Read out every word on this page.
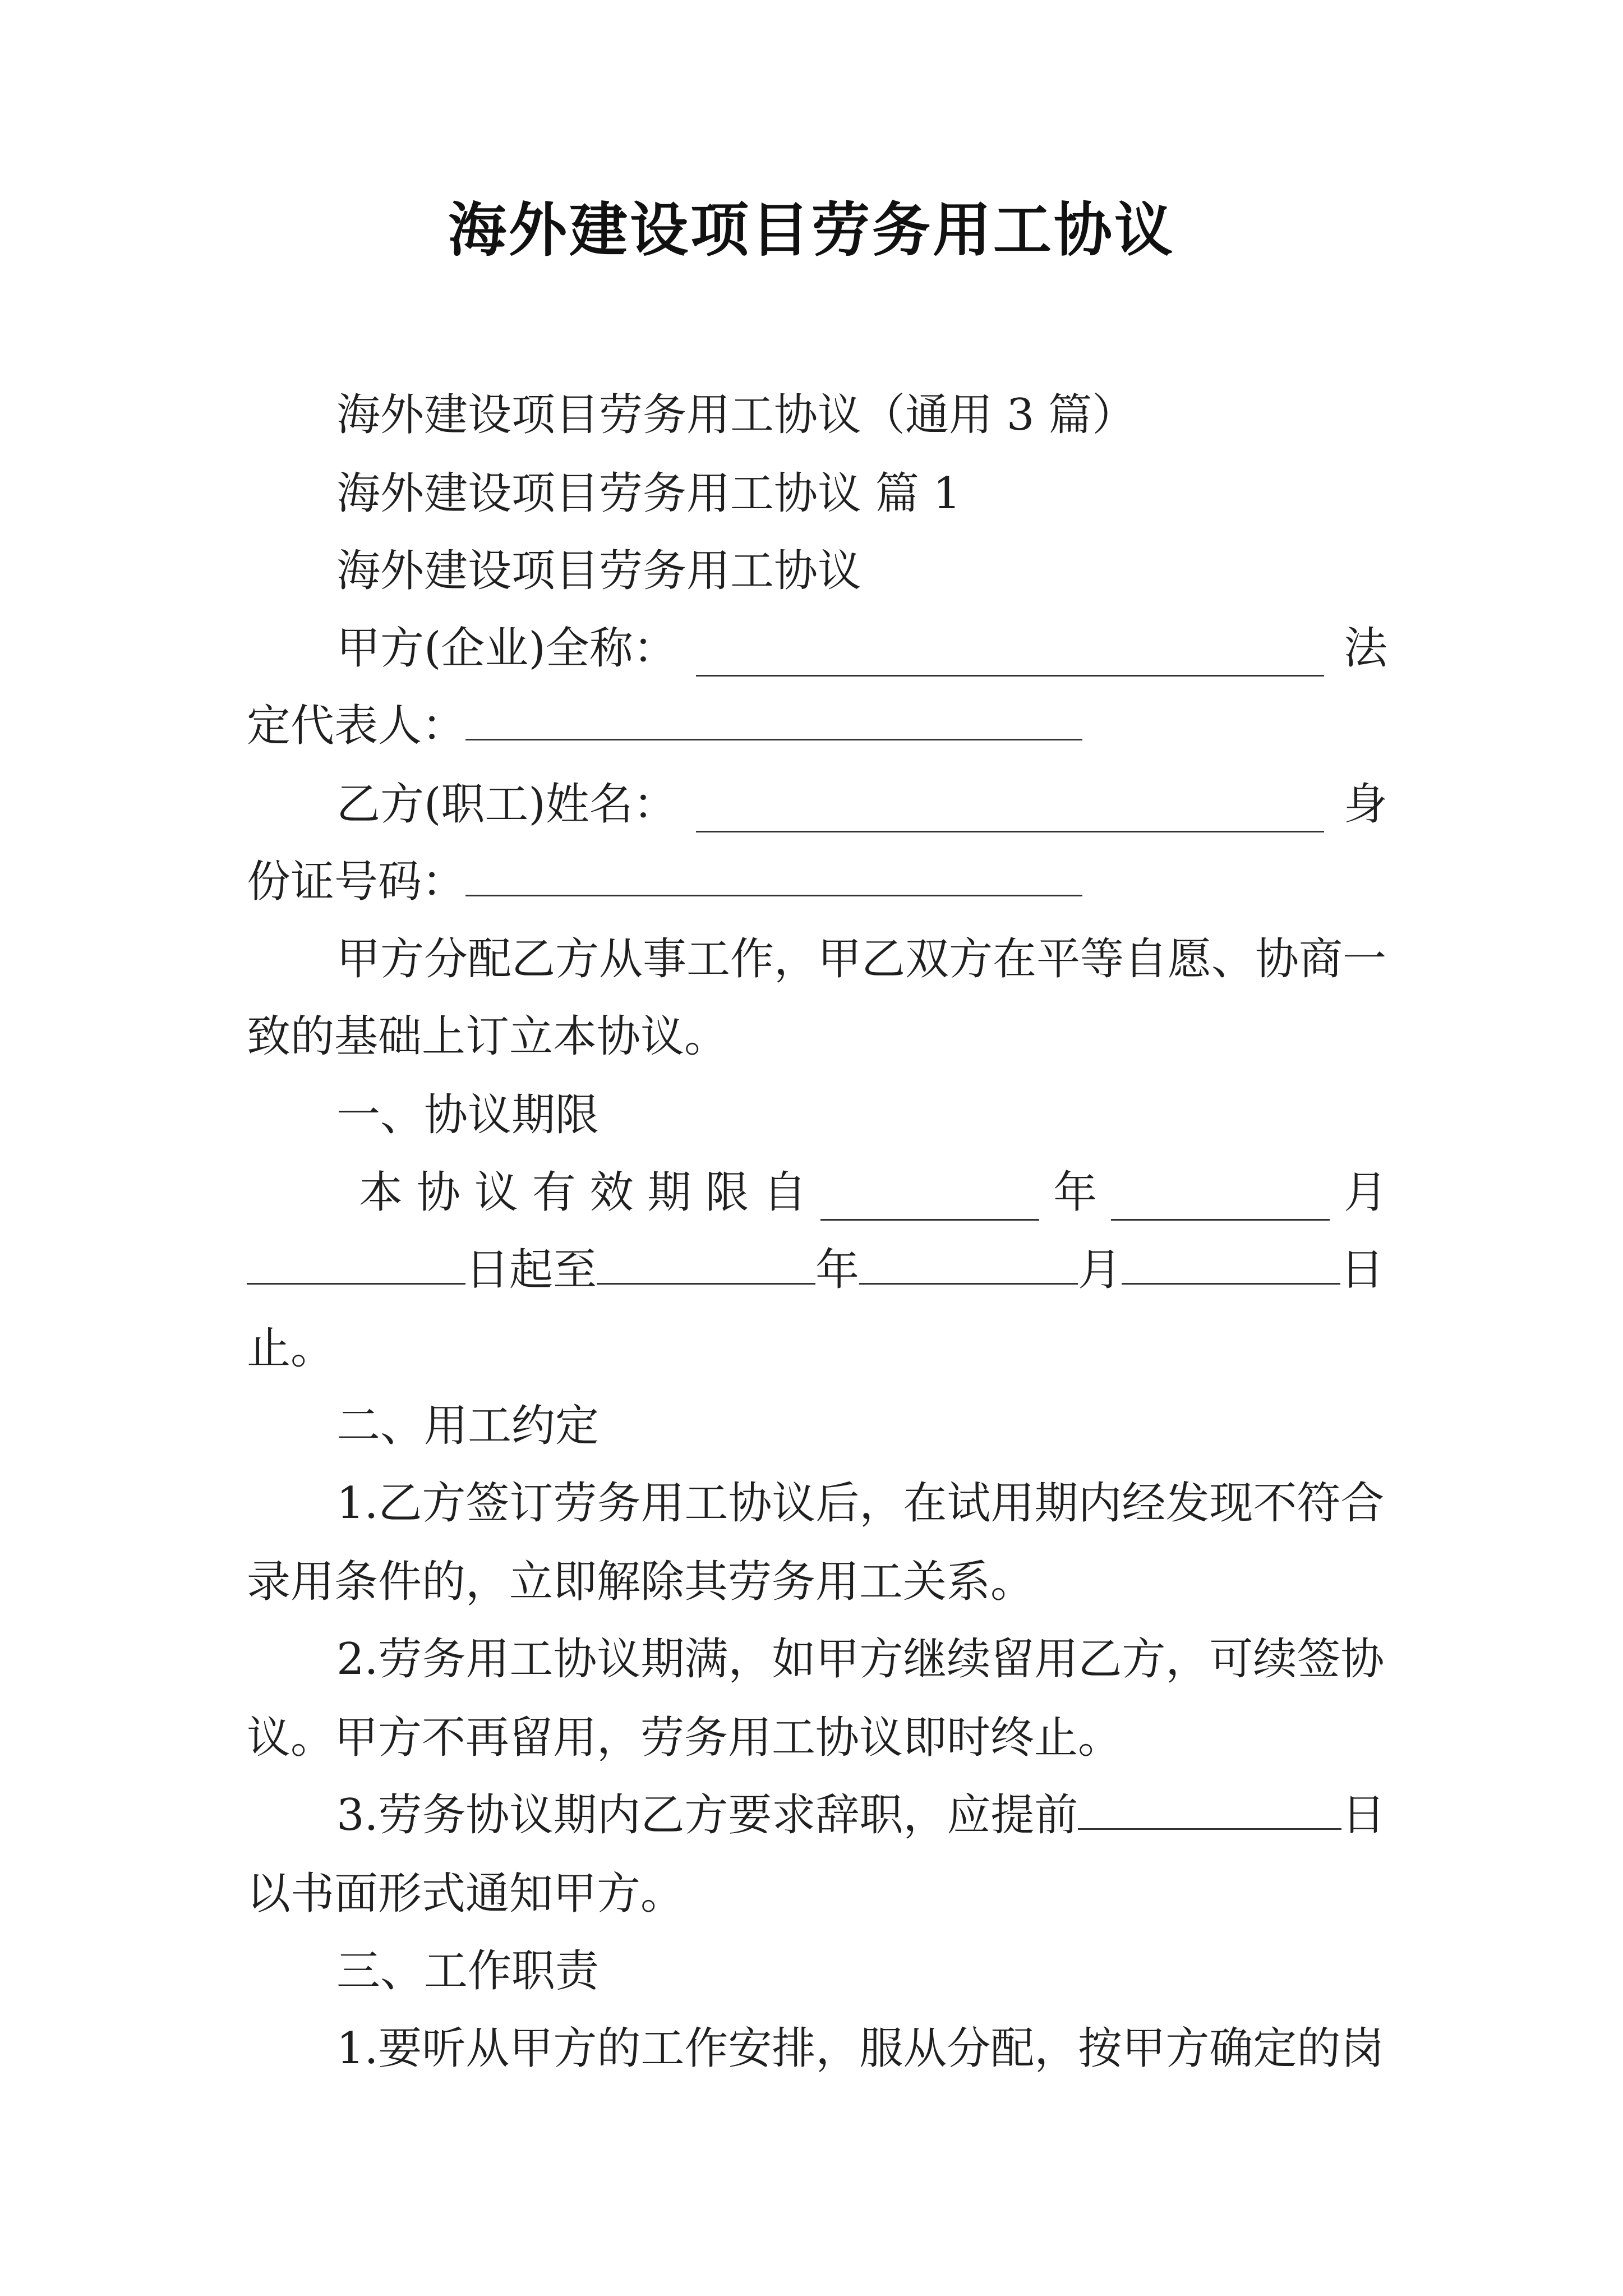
海外建设项目劳务用工协议
海外建设项目劳务用工协议（通用 3 篇）
海外建设项目劳务用工协议 篇 1
海外建设项目劳务用工协议
甲方(企业)全称：	法
定代表人：
乙方(职工)姓名：	身
份证号码：
甲方分配乙方从事工作，甲乙双方在平等自愿、协商一
致的基础上订立本协议。
一、协议期限
本 协 议 有 效 期 限 自	年	月
日起至	年	月	日
止。
二、用工约定
1.乙方签订劳务用工协议后，在试用期内经发现不符合
录用条件的，立即解除其劳务用工关系。
2.劳务用工协议期满，如甲方继续留用乙方，可续签协
议。甲方不再留用，劳务用工协议即时终止。
3.劳务协议期内乙方要求辞职，应提前	日
以书面形式通知甲方。
三、工作职责
1.要听从甲方的工作安排，服从分配，按甲方确定的岗
